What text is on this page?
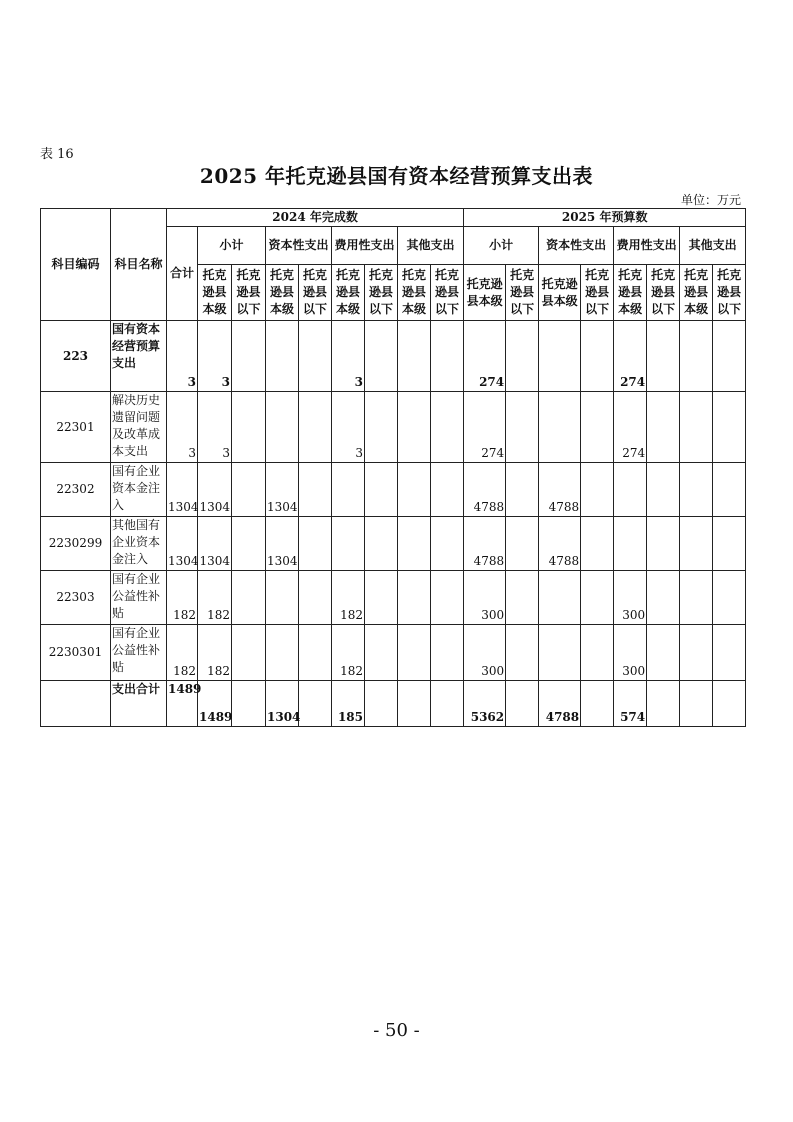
表 16
2025 年托克逊县国有资本经营预算支出表
单位：万元
科目编码	科目名称	2024 年完成数									2025 年预算数							
		合计	小计		资本性支出		费用性支出		其他支出		小计		资本性支出		费用性支出		其他支出	
			托克逊县本级	托克逊县以下	托克逊县本级	托克逊县以下	托克逊县本级	托克逊县以下	托克逊县本级	托克逊县以下	托克逊县本级	托克逊县以下	托克逊县本级	托克逊县以下	托克逊县本级	托克逊县以下	托克逊县本级	托克逊县以下
223	国有资本经营预算支出	3	3				3				274				274			
22301	解决历史遗留问题及改革成本支出	3	3				3				274				274			
22302	国有企业资本金注入	1304	1304		1304						4788		4788					
2230299	其他国有企业资本金注入	1304	1304		1304						4788		4788					
22303	国有企业公益性补贴	182	182				182				300				300			
2230301	国有企业公益性补贴	182	182				182				300				300			
	支出合计	1489	1489		1304		185				5362		4788		574			
- 50 -
